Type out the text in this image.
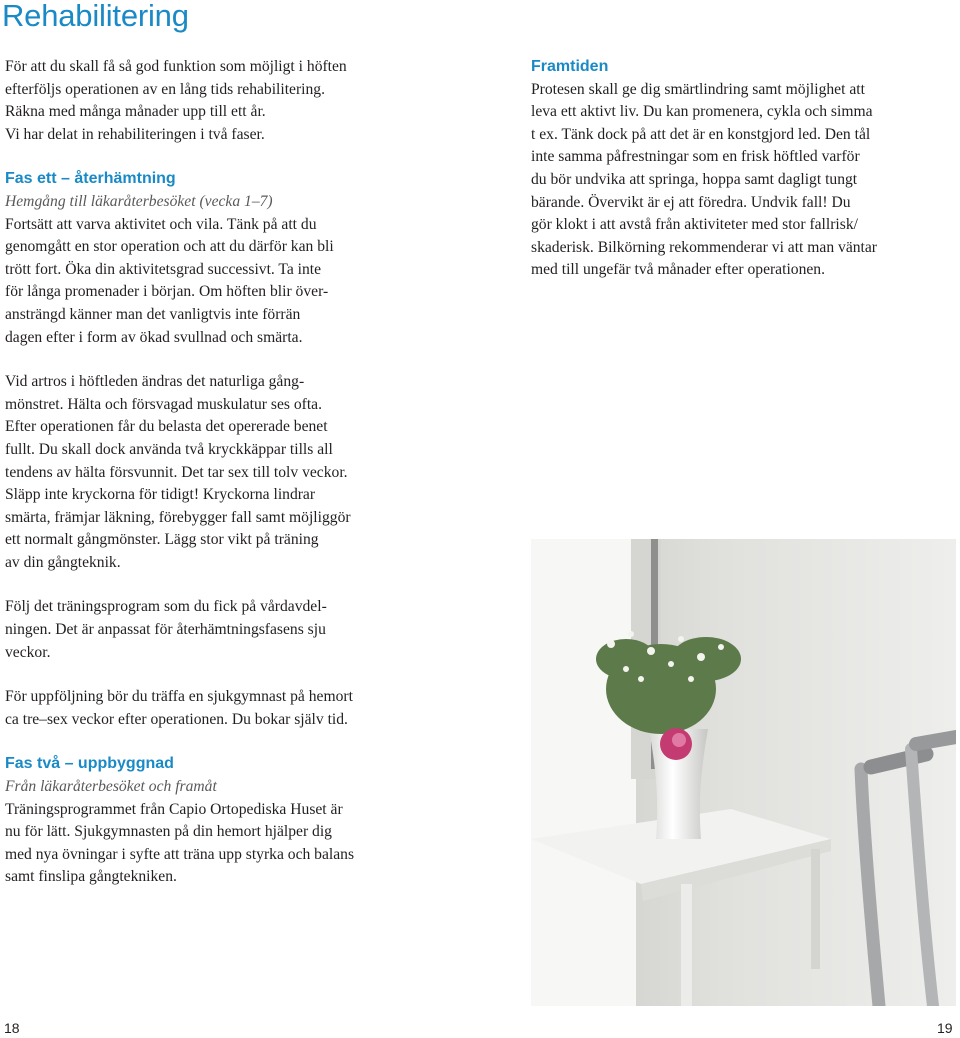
Rehabilitering

För att du skall få så god funktion som möjligt i höften
efterföljs operationen av en lång tids rehabilitering.
Räkna med många månader upp till ett år.
Vi har delat in rehabiliteringen i två faser.

Fas ett – återhämtning

Hemgång till läkaråterbesöket (vecka 1–7)

Fortsätt att varva aktivitet och vila. Tänk på att du
genomgått en stor operation och att du därför kan bli
trött fort. Öka din aktivitetsgrad successivt. Ta inte
för långa promenader i början. Om höften blir över-
ansträngd känner man det vanligtvis inte förrän
dagen efter i form av ökad svullnad och smärta.

Vid artros i höftleden ändras det naturliga gång-
mönstret. Hälta och försvagad muskulatur ses ofta.
Efter operationen får du belasta det opererade benet
fullt. Du skall dock använda två kryckkäppar tills all
tendens av hälta försvunnit. Det tar sex till tolv veckor.
Släpp inte kryckorna för tidigt! Kryckorna lindrar
smärta, främjar läkning, förebygger fall samt möjliggör
ett normalt gångmönster. Lägg stor vikt på träning
av din gångteknik.

Följ det träningsprogram som du fick på vårdavdel-
ningen. Det är anpassat för återhämtningsfasens sju
veckor.

För uppföljning bör du träffa en sjukgymnast på hemort
ca tre–sex veckor efter operationen. Du bokar själv tid.

Fas två – uppbyggnad

Från läkaråterbesöket och framåt

Träningsprogrammet från Capio Ortopediska Huset är
nu för lätt. Sjukgymnasten på din hemort hjälper dig
med nya övningar i syfte att träna upp styrka och balans
samt finslipa gångtekniken.

Framtiden

Protesen skall ge dig smärtlindring samt möjlighet att
leva ett aktivt liv. Du kan promenera, cykla och simma
t ex. Tänk dock på att det är en konstgjord led. Den tål
inte samma påfrestningar som en frisk höftled varför
du bör undvika att springa, hoppa samt dagligt tungt
bärande. Övervikt är ej att föredra. Undvik fall! Du
gör klokt i att avstå från aktiviteter med stor fallrisk/
skaderisk. Bilkörning rekommenderar vi att man väntar
med till ungefär två månader efter operationen.

18	19
